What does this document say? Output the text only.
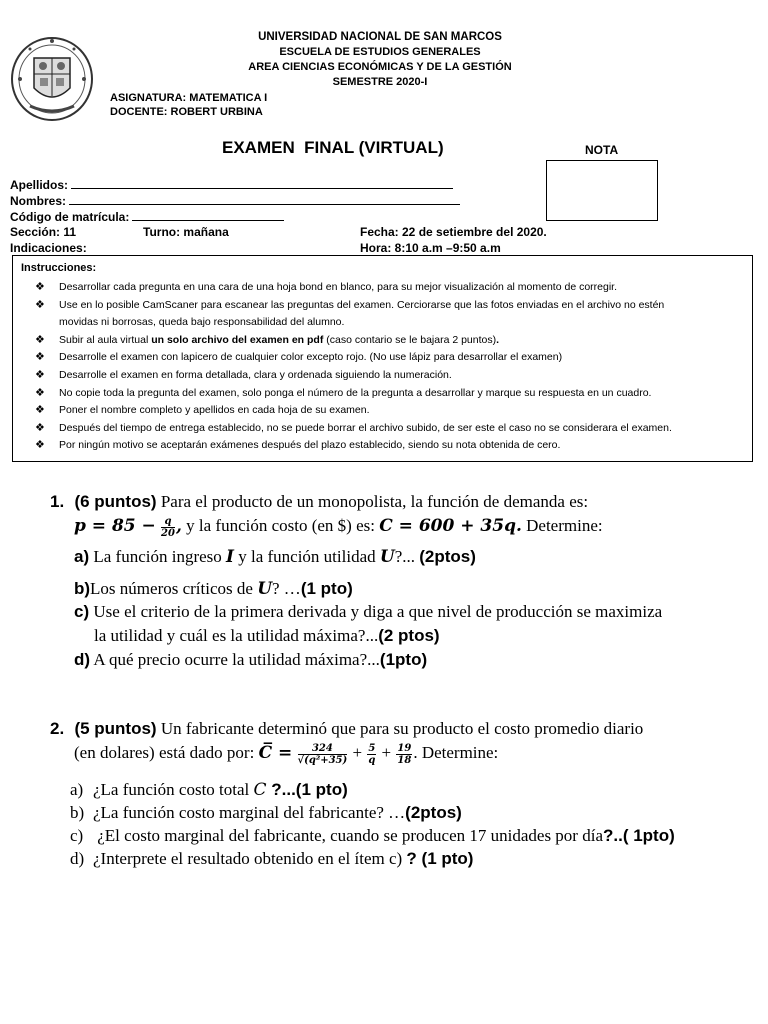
UNIVERSIDAD NACIONAL DE SAN MARCOS
ESCUELA DE ESTUDIOS GENERALES
AREA CIENCIAS ECONÓMICAS Y DE LA GESTIÓN
SEMESTRE 2020-I
ASIGNATURA: MATEMATICA I
DOCENTE: ROBERT URBINA
EXAMEN  FINAL (VIRTUAL)	NOTA
Apellidos:
Nombres:
Código de matrícula:
Sección: 11	Turno: mañana	Fecha: 22 de setiembre del 2020.
Indicaciones:	Hora: 8:10 a.m –9:50 a.m
Instrucciones:
❖ Desarrollar cada pregunta en una cara de una hoja bond en blanco, para su mejor visualización al momento de corregir.
❖ Use en lo posible CamScaner para escanear las preguntas del examen. Cerciorarse que las fotos enviadas en el archivo no estén
movidas ni borrosas, queda bajo responsabilidad del alumno.
❖ Subir al aula virtual un solo archivo del examen en pdf (caso contario se le bajara 2 puntos).
❖ Desarrolle el examen con lapicero de cualquier color excepto rojo. (No use lápiz para desarrollar el examen)
❖ Desarrolle el examen en forma detallada, clara y ordenada siguiendo la numeración.
❖ No copie toda la pregunta del examen, solo ponga el número de la pregunta a desarrollar y marque su respuesta en un cuadro.
❖ Poner el nombre completo y apellidos en cada hoja de su examen.
❖ Después del tiempo de entrega establecido, no se puede borrar el archivo subido, de ser este el caso no se considerara el examen.
❖ Por ningún motivo se aceptarán exámenes después del plazo establecido, siendo su nota obtenida de cero.
1. (6 puntos) Para el producto de un monopolista, la función de demanda es:
$p = 85 - \frac{q}{20}$ , y la función costo (en $) es: C = 600 + 35q. Determine:
a) La función ingreso I y la función utilidad U?... (2ptos)
b)Los números críticos de U? …(1 pto)
c) Use el criterio de la primera derivada y diga a que nivel de producción se maximiza
la utilidad y cuál es la utilidad máxima?...(2 ptos)
d) A qué precio ocurre la utilidad máxima?...(1pto)
2. (5 puntos) Un fabricante determinó que para su producto el costo promedio diario
(en dolares) está dado por: C̅ = $\frac{324}{\text{√(q²+35)}} + \frac{5}{q} + \frac{19}{18}$ . Determine:
a) ¿La función costo total C ?...(1 pto)
b) ¿La función costo marginal del fabricante? …(2ptos)
c) ¿El costo marginal del fabricante, cuando se producen 17 unidades por día?..( 1pto)
d) ¿Interprete el resultado obtenido en el ítem c) ? (1 pto)
